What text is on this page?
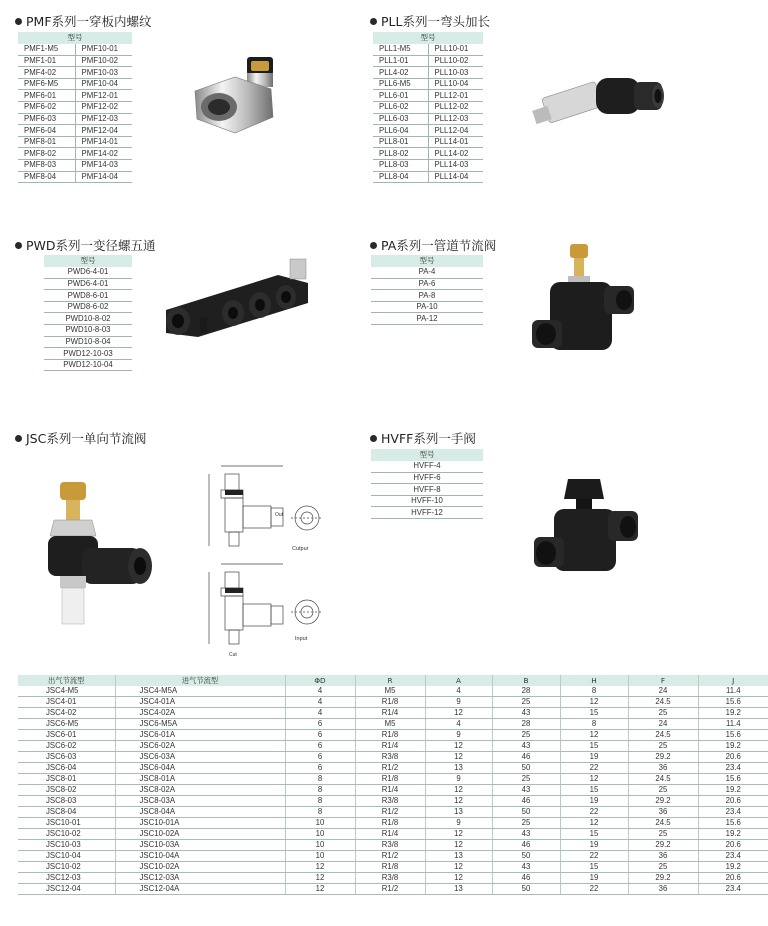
PMF系列一穿板内螺纹
型号	
PMF1-M5	PMF10-01
PMF1-01	PMF10-02
PMF4-02	PMF10-03
PMF6-M5	PMF10-04
PMF6-01	PMF12-01
PMF6-02	PMF12-02
PMF6-03	PMF12-03
PMF6-04	PMF12-04
PMF8-01	PMF14-01
PMF8-02	PMF14-02
PMF8-03	PMF14-03
PMF8-04	PMF14-04
PLL系列一弯头加长
型号	
PLL1-M5	PLL10-01
PLL1-01	PLL10-02
PLL4-02	PLL10-03
PLL6-M5	PLL10-04
PLL6-01	PLL12-01
PLL6-02	PLL12-02
PLL6-03	PLL12-03
PLL6-04	PLL12-04
PLL8-01	PLL14-01
PLL8-02	PLL14-02
PLL8-03	PLL14-03
PLL8-04	PLL14-04
PWD系列一变径螺五通
型号
PWD6-4-01
PWD6-4-01
PWD8-6-01
PWD8-6-02
PWD10-8-02
PWD10-8-03
PWD10-8-04
PWD12-10-03
PWD12-10-04
PA系列一管道节流阀
型号
PA-4
PA-6
PA-8
PA-10
PA-12
JSC系列一单向节流阀
Cutpur
Out
Input
Cut
HVFF系列一手阀
型号
HVFF-4
HVFF-6
HVFF-8
HVFF-10
HVFF-12
出气节流型	进气节流型	ΦD	R	A	B	H	F	J
JSC4-M5	JSC4-M5A	4	M5	4	28	8	24	11.4
JSC4-01	JSC4-01A	4	R1/8	9	25	12	24.5	15.6
JSC4-02	JSC4-02A	4	R1/4	12	43	15	25	19.2
JSC6-M5	JSC6-M5A	6	M5	4	28	8	24	11.4
JSC6-01	JSC6-01A	6	R1/8	9	25	12	24.5	15.6
JSC6-02	JSC6-02A	6	R1/4	12	43	15	25	19.2
JSC6-03	JSC6-03A	6	R3/8	12	46	19	29.2	20.6
JSC6-04	JSC6-04A	6	R1/2	13	50	22	36	23.4
JSC8-01	JSC8-01A	8	R1/8	9	25	12	24.5	15.6
JSC8-02	JSC8-02A	8	R1/4	12	43	15	25	19.2
JSC8-03	JSC8-03A	8	R3/8	12	46	19	29.2	20.6
JSC8-04	JSC8-04A	8	R1/2	13	50	22	36	23.4
JSC10-01	JSC10-01A	10	R1/8	9	25	12	24.5	15.6
JSC10-02	JSC10-02A	10	R1/4	12	43	15	25	19.2
JSC10-03	JSC10-03A	10	R3/8	12	46	19	29.2	20.6
JSC10-04	JSC10-04A	10	R1/2	13	50	22	36	23.4
JSC10-02	JSC10-02A	12	R1/8	12	43	15	25	19.2
JSC12-03	JSC12-03A	12	R3/8	12	46	19	29.2	20.6
JSC12-04	JSC12-04A	12	R1/2	13	50	22	36	23.4
